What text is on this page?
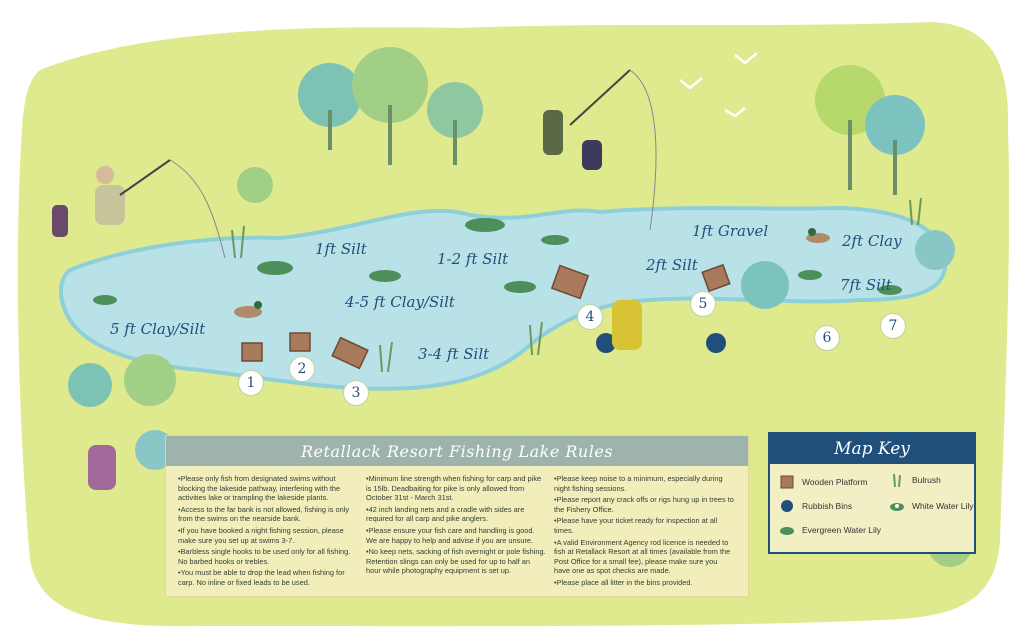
1ft Silt
1-2 ft Silt
1ft Gravel
2ft Clay
2ft Silt
7ft Silt
4-5 ft Clay/Silt
5 ft Clay/Silt
3-4 ft Silt
1
2
3
4
5
6
7
Retallack Resort Fishing Lake Rules

•Please only fish from designated swims without blocking the lakeside pathway, interfering with the activities lake or trampling the lakeside plants.

•Access to the far bank is not allowed, fishing is only from the swims on the nearside bank.

•If you have booked a night fishing session, please make sure you set up at swims 3-7.

•Barbless single hooks to be used only for all fishing. No barbed hooks or trebles.

•You must be able to drop the lead when fishing for carp. No inline or fixed leads to be used.

•Minimum line strength when fishing for carp and pike is 15lb. Deadbaiting for pike is only allowed from October 31st - March 31st.

•42 inch landing nets and a cradle with sides are required for all carp and pike anglers.

•Please ensure your fish care and handling is good. We are happy to help and advise if you are unsure.

•No keep nets, sacking of fish overnight or pole fishing. Retention slings can only be used for up to half an hour while photography equipment is set up.

•Please keep noise to a minimum, especially during night fishing sessions.

•Please report any crack offs or rigs hung up in trees to the Fishery Office.

•Please have your ticket ready for inspection at all times.

•A valid Environment Agency rod licence is needed to fish at Retallack Resort at all times (available from the Post Office for a small fee), please make sure you have one as spot checks are made.

•Please place all litter in the bins provided.

Map Key
Wooden Platform	Bulrush
Rubbish Bins	White Water Lily
Evergreen Water Lily
